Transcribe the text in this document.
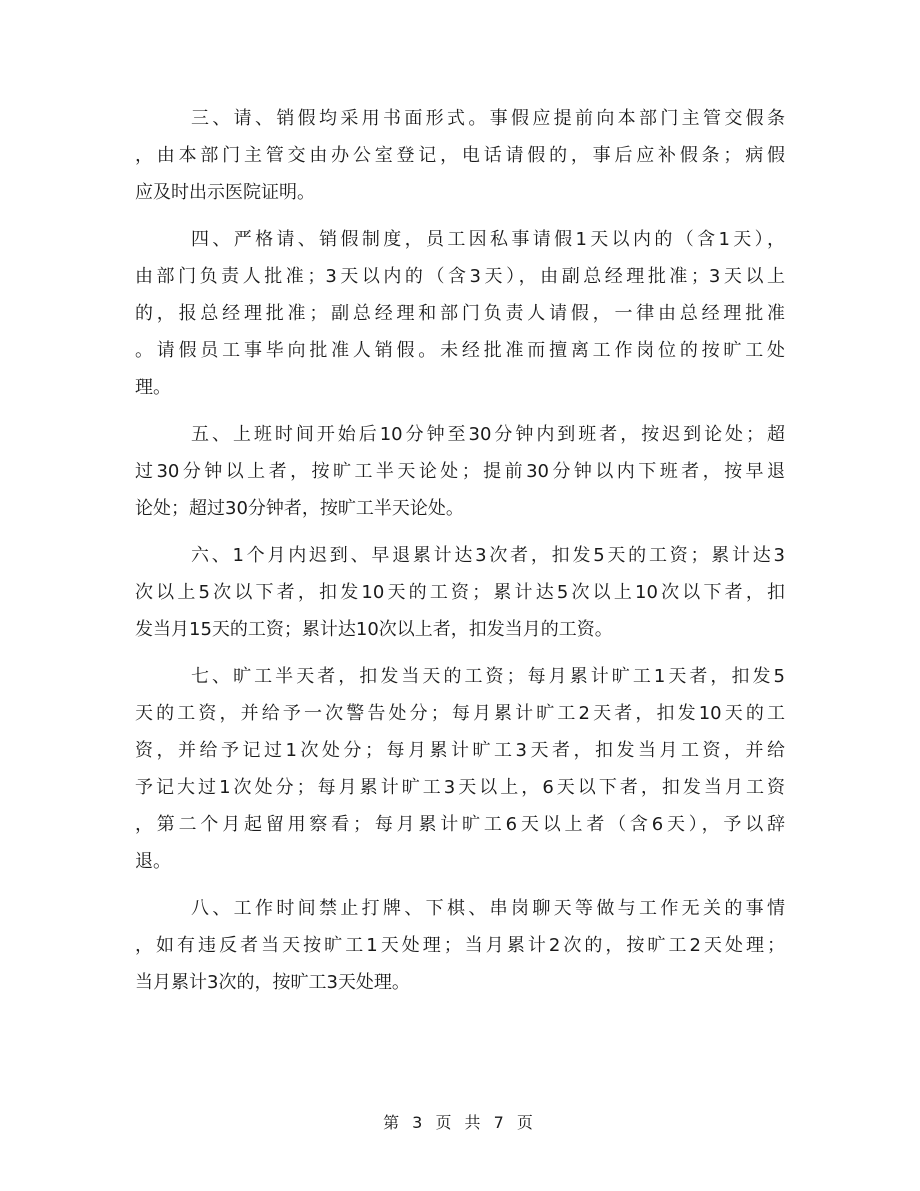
三、请、销假均采用书面形式。事假应提前向本部门主管交假条
，由本部门主管交由办公室登记，电话请假的，事后应补假条；病假
应及时出示医院证明。
四、严格请、销假制度，员工因私事请假1天以内的（含1天），
由部门负责人批准；3天以内的（含3天），由副总经理批准；3天以上
的，报总经理批准；副总经理和部门负责人请假，一律由总经理批准
。请假员工事毕向批准人销假。未经批准而擅离工作岗位的按旷工处
理。
五、上班时间开始后10分钟至30分钟内到班者，按迟到论处；超
过30分钟以上者，按旷工半天论处；提前30分钟以内下班者，按早退
论处；超过30分钟者，按旷工半天论处。
六、1个月内迟到、早退累计达3次者，扣发5天的工资；累计达3
次以上5次以下者，扣发10天的工资；累计达5次以上10次以下者，扣
发当月15天的工资；累计达10次以上者，扣发当月的工资。
七、旷工半天者，扣发当天的工资；每月累计旷工1天者，扣发5
天的工资，并给予一次警告处分；每月累计旷工2天者，扣发10天的工
资，并给予记过1次处分；每月累计旷工3天者，扣发当月工资，并给
予记大过1次处分；每月累计旷工3天以上，6天以下者，扣发当月工资
，第二个月起留用察看；每月累计旷工6天以上者（含6天），予以辞
退。
八、工作时间禁止打牌、下棋、串岗聊天等做与工作无关的事情
，如有违反者当天按旷工1天处理；当月累计2次的，按旷工2天处理；
当月累计3次的，按旷工3天处理。
第 3 页 共 7 页
